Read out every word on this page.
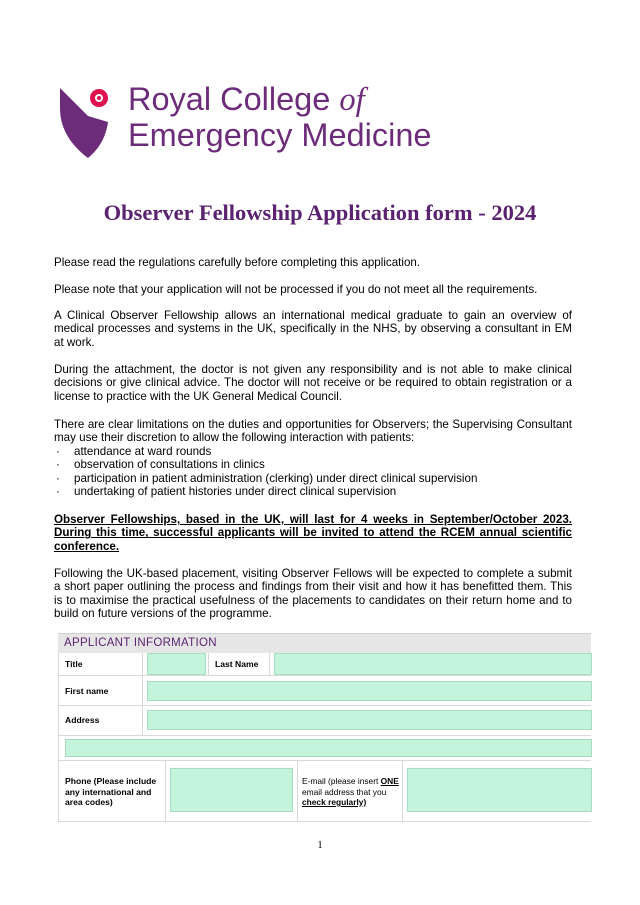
Royal College of
Emergency Medicine
Observer Fellowship Application form - 2024

Please read the regulations carefully before completing this application.

Please note that your application will not be processed if you do not meet all the requirements.

A Clinical Observer Fellowship allows an international medical graduate to gain an overview of medical processes and systems in the UK, specifically in the NHS, by observing a consultant in EM at work.

During the attachment, the doctor is not given any responsibility and is not able to make clinical decisions or give clinical advice. The doctor will not receive or be required to obtain registration or a license to practice with the UK General Medical Council.

There are clear limitations on the duties and opportunities for Observers; the Supervising Consultant may use their discretion to allow the following interaction with patients:

· attendance at ward rounds
· observation of consultations in clinics
· participation in patient administration (clerking) under direct clinical supervision
· undertaking of patient histories under direct clinical supervision

Observer Fellowships, based in the UK, will last for 4 weeks in September/October 2023. During this time, successful applicants will be invited to attend the RCEM annual scientific conference.

Following the UK-based placement, visiting Observer Fellows will be expected to complete a submit a short paper outlining the process and findings from their visit and how it has benefitted them. This is to maximise the practical usefulness of the placements to candidates on their return home and to build on future versions of the programme.

APPLICANT INFORMATION
Title	Last Name
First name
Address
Phone (Please include any international and area codes)
E-mail (please insert ONE email address that you check regularly)
1
